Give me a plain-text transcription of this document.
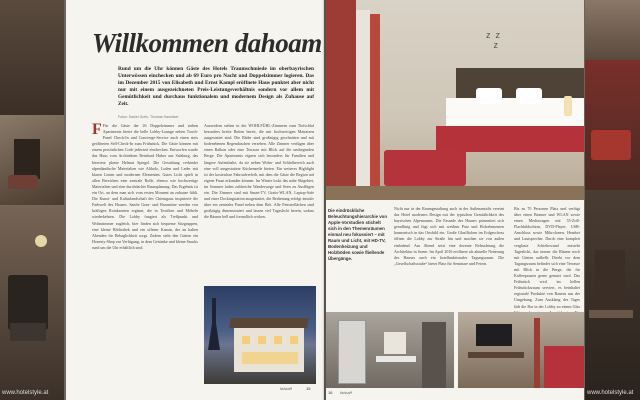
www.hotelstyle.at
Willkommen dahoam
Rund um die Uhr können Gäste des Hotels Traumschmiede im oberbayrischen Unterwössen einchecken und ab 69 Euro pro Nacht und Doppelzimmer logieren. Das im Dezember 2015 von Elisabeth und Ernst Kampl eröffnete Haus punktet aber nicht nur mit einem ausgezeichneten Preis-Leistungsverhältnis sondern vor allem mit Gemütlichkeit und durchaus funktionalem und modernem Design als Zuhause auf Zeit.
Fotos: Daniel Gurin, Thomas Haunitzer
F Für die Gäste der 26 Doppelzimmer und sieben Apartments bietet die helle Lobby-Lounge neben Touch-Panel Check-In und Concierge-Service auch einen stets geöffneten Self-Check-In zum Frühstück. Die Gäste können mit einem persönlichen Code jederzeit einchecken. Entworfen wurde das Haus vom Architekten Reinhard Huber aus Salzburg, das Interieur plante Helmut Spiegel. Die Gestaltung verbindet alpenländische Materialien wie Altholz, Loden und Leder mit klaren Linien und modernen Elementen. Gutes Licht spielt in allen Bereichen eine zentrale Rolle, ebenso wie hochwertige Materialien und eine durchdachte Raumplanung. Das Ergebnis ist ein Ort, an dem man sich vom ersten Moment an zuhause fühlt. Die Kunst- und Kulturlandschaft des Chiemgaus inspirierte die Farbwelt des Hauses. Sanfte Grau- und Brauntöne werden von kräftigen Rotakzenten ergänzt, die in Textilien und Möbeln wiederkehren. Die Lobby fungiert als Treffpunkt und Wohnzimmer zugleich, hier finden sich bequeme Sitzgruppen, eine kleine Bibliothek und ein offener Kamin, der an kalten Abenden für Behaglichkeit sorgt. Zudem steht den Gästen ein Honesty-Shop zur Verfügung, in dem Getränke und kleine Snacks rund um die Uhr erhältlich sind.
Ausserdem stehen in der WOHLFÜHL-Zimmern zum Tiefschlaf besonders breite Betten bereit, die mit hochwertigen Matratzen ausgestattet sind. Die Bäder sind großzügig geschnitten und mit bodenebenen Regenduschen versehen. Alle Zimmer verfügen über einen Balkon oder eine Terrasse mit Blick auf die umliegenden Berge. Die Apartments eignen sich besonders für Familien und längere Aufenthalte, da sie neben Wohn- und Schlafbereich auch eine voll ausgestattete Küchenzeile bieten. Ein weiteres Highlight ist der kostenlose Fahrradverleih, mit dem die Gäste die Region auf eigene Faust erkunden können. Im Winter lockt das nahe Skigebiet, im Sommer laden zahlreiche Wanderwege und Seen zu Ausflügen ein. Die Zimmer sind mit Smart-TV, Gratis-WLAN, Laptop-Safe und einer Dockingstation ausgestattet, die Bedienung erfolgt intuitiv über ein zentrales Panel neben dem Bett. Alle Fensterflächen sind großzügig dimensioniert und lassen viel Tageslicht herein, sodass die Räume hell und freundlich wirken.
falstaff	15
z  z
z
Die eindrückliche Beleuchtungshierarchie von Apple-Vorstudien stichelt sich in den Themenräumen einmal neu fokussiert – mit Raum und Licht, mit HD-TV, Bodenheizung und Holzböden sowie fließende Übergänge.
Nicht nur in der Raumgestaltung auch in der Außenansicht vereint das Hotel modernes Design mit der typischen Gemütlichkeit des bayrischen Alpenraums. Die Fassade des Hauses präsentiert sich geradlinig und fügt sich mit weißem Putz und Holzelementen harmonisch in das Ortsbild ein. Große Glasflächen im Erdgeschoss öffnen die Lobby zur Straße hin und machen sie von außen einladend. Am Abend setzt eine dezente Beleuchtung die Architektur in Szene. Im April 2016 eröffnete als aktuelle Neuerung des Hauses auch ein hotelfunktionaler Tagungsraum. Die „Gesellschaftsstube“ bietet Platz für Seminare und Feiern.
Bis zu 70 Personen Platz und verfügt über einen Beamer und WLAN sowie einen Mediawagen mit 55-Zoll-Flachbildschirm, DVD-Player, USB-Anschluss sowie Mikrofonen, Headset und Lautsprecher. Durch eine komplett verglaste Schiebewand entsteht Tageslicht, das immer die Räume noch mit Gästen aufhellt. Direkt vor dem Tagungsraum befindet sich eine Terrasse mit Blick in die Berge, die für Kaffeepausen gerne genutzt wird. Das Frühstück wird im hellen Frühstücksraum serviert, es beinhaltet regionale Produkte von Bauern aus der Umgebung. Zum Ausklang des Tages lädt die Bar in der Lobby zu einem Glas
16 falstaff	www.hotelstyle.at
